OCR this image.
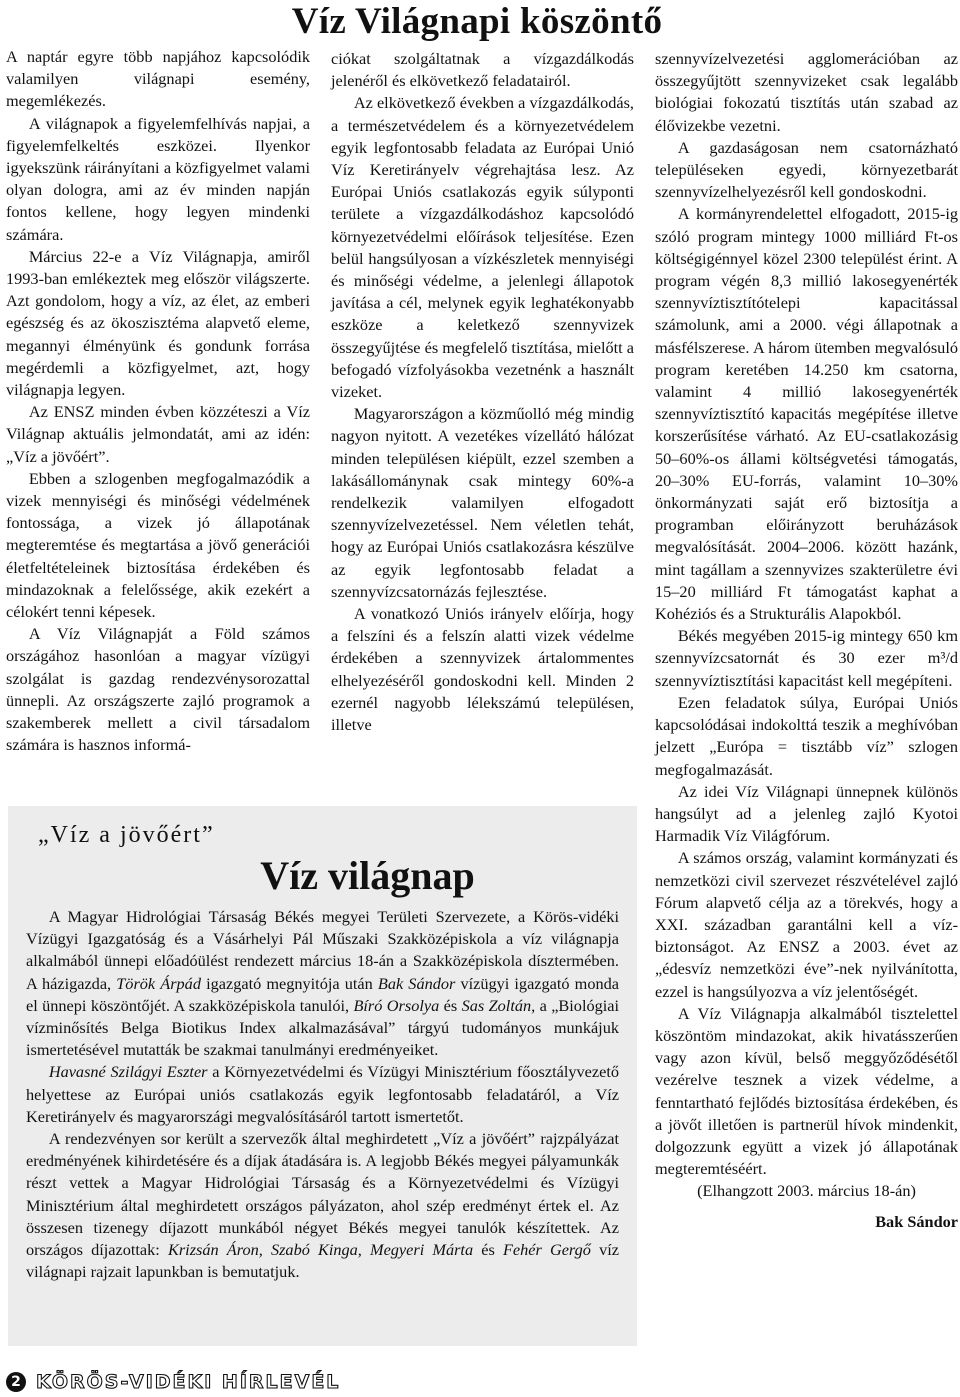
Víz Világnapi köszöntő

A naptár egyre több napjához kapcsolódik valamilyen világnapi esemény, megemlékezés.

A világnapok a figyelemfelhívás napjai, a figyelemfelkeltés eszközei. Ilyenkor igyekszünk ráirányítani a közfigyelmet valami olyan dologra, ami az év minden napján fontos kellene, hogy legyen mindenki számára.

Március 22-e a Víz Világnapja, amiről 1993-ban emlékeztek meg először világszerte. Azt gondolom, hogy a víz, az élet, az emberi egészség és az ökoszisztéma alapvető eleme, megannyi élményünk és gondunk forrása megérdemli a közfigyelmet, azt, hogy világnapja legyen.

Az ENSZ minden évben közzéteszi a Víz Világnap aktuális jelmondatát, ami az idén: „Víz a jövőért”.

Ebben a szlogenben megfogalmazódik a vizek mennyiségi és minőségi védelmének fontossága, a vizek jó állapotának megteremtése és megtartása a jövő generációi életfeltételeinek biztosítása érdekében és mindazoknak a felelőssége, akik ezekért a célokért tenni képesek.

A Víz Világnapját a Föld számos országához hasonlóan a magyar vízügyi szolgálat is gazdag rendezvénysorozattal ünnepli. Az országszerte zajló programok a szakemberek mellett a civil társadalom számára is hasznos informá-

ciókat szolgáltatnak a vízgazdálkodás jelenéről és elkövetkező feladatairól.

Az elkövetkező években a vízgazdálkodás, a természetvédelem és a környezetvédelem egyik legfontosabb feladata az Európai Unió Víz Keretirányelv végrehajtása lesz. Az Európai Uniós csatlakozás egyik súlyponti területe a vízgazdálkodáshoz kapcsolódó környezetvédelmi előírások teljesítése. Ezen belül hangsúlyosan a vízkészletek mennyiségi és minőségi védelme, a jelenlegi állapotok javítása a cél, melynek egyik leghatékonyabb eszköze a keletkező szennyvizek összegyűjtése és megfelelő tisztítása, mielőtt a befogadó vízfolyásokba vezetnénk a használt vizeket.

Magyarországon a közműolló még mindig nagyon nyitott. A vezetékes vízellátó hálózat minden településen kiépült, ezzel szemben a lakásállománynak csak mintegy 60%-a rendelkezik valamilyen elfogadott szennyvízelvezetéssel. Nem véletlen tehát, hogy az Európai Uniós csatlakozásra készülve az egyik legfontosabb feladat a szennyvízcsatornázás fejlesztése.

A vonatkozó Uniós irányelv előírja, hogy a felszíni és a felszín alatti vizek védelme érdekében a szennyvizek ártalommentes elhelyezéséről gondoskodni kell. Minden 2 ezernél nagyobb lélekszámú településen, illetve

szennyvízelvezetési agglomerációban az összegyűjtött szennyvizeket csak legalább biológiai fokozatú tisztítás után szabad az élővizekbe vezetni.

A gazdaságosan nem csatornázható településeken egyedi, környezetbarát szennyvízelhelyezésről kell gondoskodni.

A kormányrendelettel elfogadott, 2015-ig szóló program mintegy 1000 milliárd Ft-os költségigénnyel közel 2300 települést érint. A program végén 8,3 millió lakosegyenérték szennyvíztisztítótelepi kapacitással számolunk, ami a 2000. végi állapotnak a másfélszerese. A három ütemben megvalósuló program keretében 14.250 km csatorna, valamint 4 millió lakosegyenérték szennyvíztisztító kapacitás megépítése illetve korszerűsítése várható. Az EU-csatlakozásig 50–60%-os állami költségvetési támogatás, 20–30% EU-forrás, valamint 10–30% önkormányzati saját erő biztosítja a programban előirányzott beruházások megvalósítását. 2004–2006. között hazánk, mint tagállam a szennyvizes szakterületre évi 15–20 milliárd Ft támogatást kaphat a Kohéziós és a Strukturális Alapokból.

Békés megyében 2015-ig mintegy 650 km szennyvízcsatornát és 30 ezer m³/d szennyvíztisztítási kapacitást kell megépíteni.

Ezen feladatok súlya, Európai Uniós kapcsolódásai indokolttá teszik a meghívóban jelzett „Európa = tisztább víz” szlogen megfogalmazását.

Az idei Víz Világnapi ünnepnek különös hangsúlyt ad a jelenleg zajló Kyotoi Harmadik Víz Világfórum.

A számos ország, valamint kormányzati és nemzetközi civil szervezet részvételével zajló Fórum alapvető célja az a törekvés, hogy a XXI. században garantálni kell a víz-biztonságot. Az ENSZ a 2003. évet az „édesvíz nemzetközi éve”-nek nyilvánította, ezzel is hangsúlyozva a víz jelentőségét.

A Víz Világnapja alkalmából tisztelettel köszöntöm mindazokat, akik hivatásszerűen vagy azon kívül, belső meggyőződésétől vezérelve tesznek a vizek védelme, a fenntartható fejlődés biztosítása érdekében, és a jövőt illetően is partnerül hívok mindenkit, dolgozzunk együtt a vizek jó állapotának megteremtéséért.

(Elhangzott 2003. március 18-án)

Bak Sándor

„Víz a jövőért”
Víz világnap

A Magyar Hidrológiai Társaság Békés megyei Területi Szervezete, a Körös-vidéki Vízügyi Igazgatóság és a Vásárhelyi Pál Műszaki Szakközépiskola a víz világnapja alkalmából ünnepi előadóülést rendezett március 18-án a Szakközépiskola dísztermében. A házigazda, Török Árpád igazgató megnyitója után Bak Sándor vízügyi igazgató monda el ünnepi köszöntőjét. A szakközépiskola tanulói, Bíró Orsolya és Sas Zoltán, a „Biológiai vízminősítés Belga Biotikus Index alkalmazásával” tárgyú tudományos munkájuk ismertetésével mutatták be szakmai tanulmányi eredményeiket.

Havasné Szilágyi Eszter a Környezetvédelmi és Vízügyi Minisztérium főosztályvezető helyettese az Európai uniós csatlakozás egyik legfontosabb feladatáról, a Víz Keretirányelv és magyarországi megvalósításáról tartott ismertetőt.

A rendezvényen sor került a szervezők által meghirdetett „Víz a jövőért” rajzpályázat eredményének kihirdetésére és a díjak átadására is. A legjobb Békés megyei pályamunkák részt vettek a Magyar Hidrológiai Társaság és a Környezetvédelmi és Vízügyi Minisztérium által meghirdetett országos pályázaton, ahol szép eredményt értek el. Az összesen tizenegy díjazott munkából négyet Békés megyei tanulók készítettek. Az országos díjazottak: Krizsán Áron, Szabó Kinga, Megyeri Márta és Fehér Gergő víz világnapi rajzait lapunkban is bemutatjuk.

2 KÖRÖS-VIDÉKI HÍRLEVÉL
